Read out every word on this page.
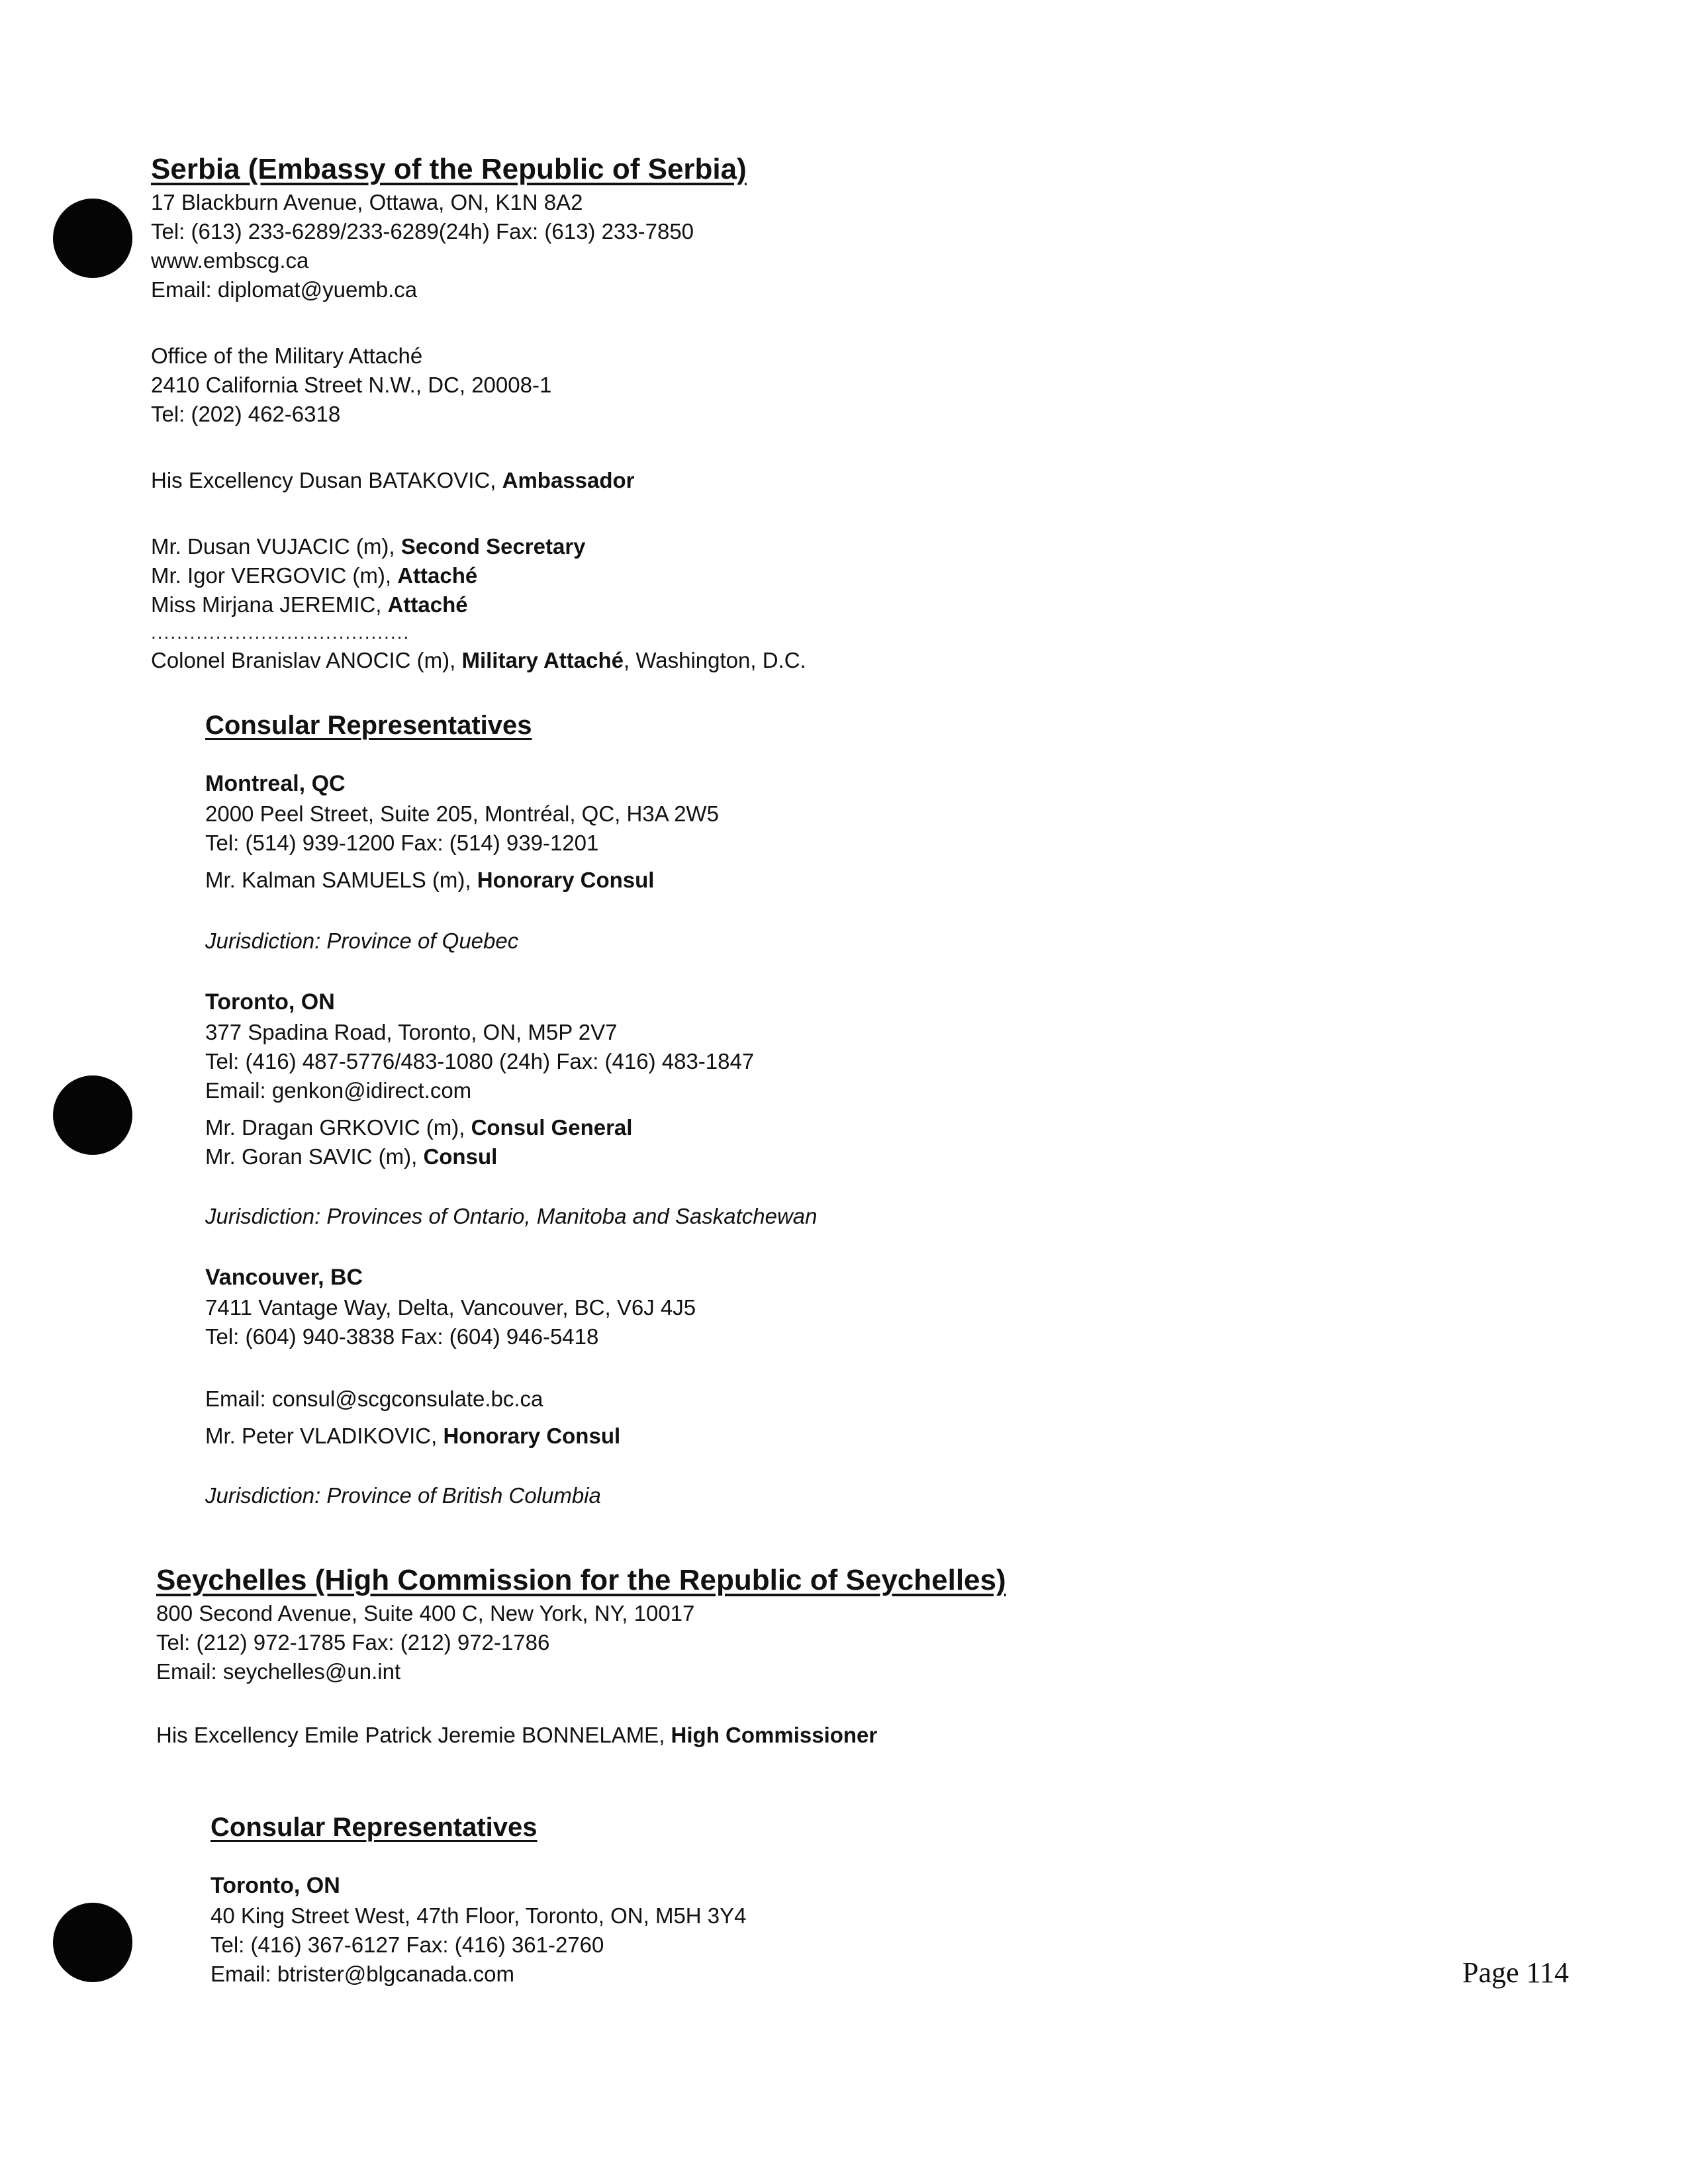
Serbia (Embassy of the Republic of Serbia)
17 Blackburn Avenue, Ottawa, ON, K1N 8A2
Tel: (613) 233-6289/233-6289(24h) Fax: (613) 233-7850
www.embscg.ca
Email: diplomat@yuemb.ca
Office of the Military Attaché
2410 California Street N.W., DC, 20008-1
Tel: (202) 462-6318
His Excellency Dusan BATAKOVIC, Ambassador
Mr. Dusan VUJACIC (m), Second Secretary
Mr. Igor VERGOVIC (m), Attaché
Miss Mirjana JEREMIC, Attaché
........................................
Colonel Branislav ANOCIC (m), Military Attaché, Washington, D.C.
Consular Representatives
Montreal, QC
2000 Peel Street, Suite 205, Montréal, QC, H3A 2W5
Tel: (514) 939-1200 Fax: (514) 939-1201
Mr. Kalman SAMUELS (m), Honorary Consul
Jurisdiction: Province of Quebec
Toronto, ON
377 Spadina Road, Toronto, ON, M5P 2V7
Tel: (416) 487-5776/483-1080 (24h) Fax: (416) 483-1847
Email: genkon@idirect.com
Mr. Dragan GRKOVIC (m), Consul General
Mr. Goran SAVIC (m), Consul
Jurisdiction: Provinces of Ontario, Manitoba and Saskatchewan
Vancouver, BC
7411 Vantage Way, Delta, Vancouver, BC, V6J 4J5
Tel: (604) 940-3838 Fax: (604) 946-5418
Email: consul@scgconsulate.bc.ca
Mr. Peter VLADIKOVIC, Honorary Consul
Jurisdiction: Province of British Columbia
Seychelles (High Commission for the Republic of Seychelles)
800 Second Avenue, Suite 400 C, New York, NY, 10017
Tel: (212) 972-1785 Fax: (212) 972-1786
Email: seychelles@un.int
His Excellency Emile Patrick Jeremie BONNELAME, High Commissioner
Consular Representatives
Toronto, ON
40 King Street West, 47th Floor, Toronto, ON, M5H 3Y4
Tel: (416) 367-6127 Fax: (416) 361-2760
Email: btrister@blgcanada.com	Page 114
